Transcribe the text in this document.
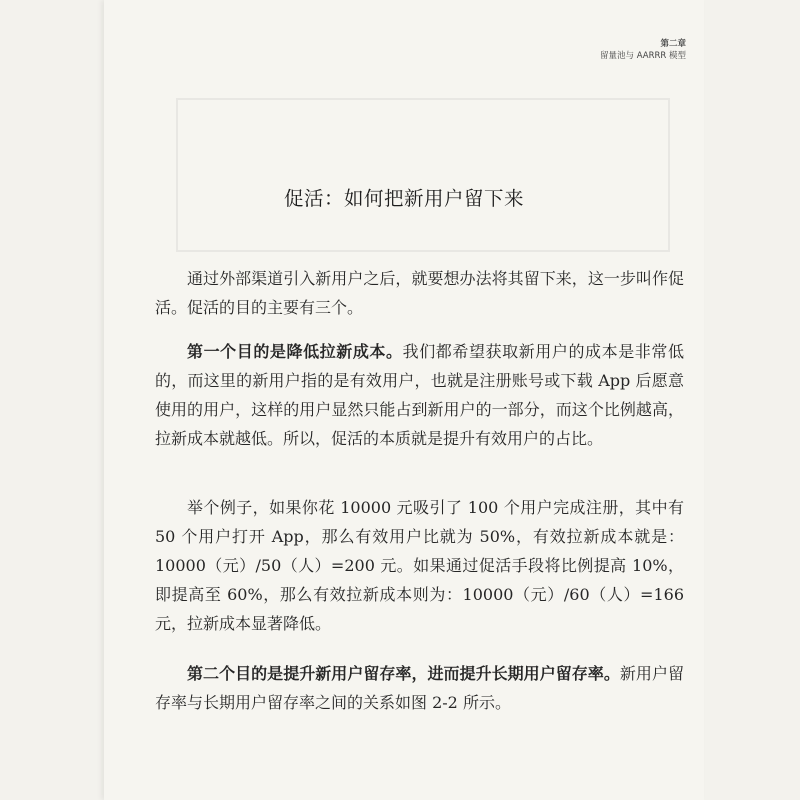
第二章
留量池与 AARRR 模型
促活：如何把新用户留下来

通过外部渠道引入新用户之后，就要想办法将其留下来，这一步叫作促活。促活的目的主要有三个。

第一个目的是降低拉新成本。我们都希望获取新用户的成本是非常低的，而这里的新用户指的是有效用户，也就是注册账号或下载 App 后愿意使用的用户，这样的用户显然只能占到新用户的一部分，而这个比例越高，拉新成本就越低。所以，促活的本质就是提升有效用户的占比。

举个例子，如果你花 10000 元吸引了 100 个用户完成注册，其中有 50 个用户打开 App，那么有效用户比就为 50%，有效拉新成本就是：10000（元）/50（人）=200 元。如果通过促活手段将比例提高 10%，即提高至 60%，那么有效拉新成本则为：10000（元）/60（人）=166 元，拉新成本显著降低。

第二个目的是提升新用户留存率，进而提升长期用户留存率。新用户留存率与长期用户留存率之间的关系如图 2-2 所示。
